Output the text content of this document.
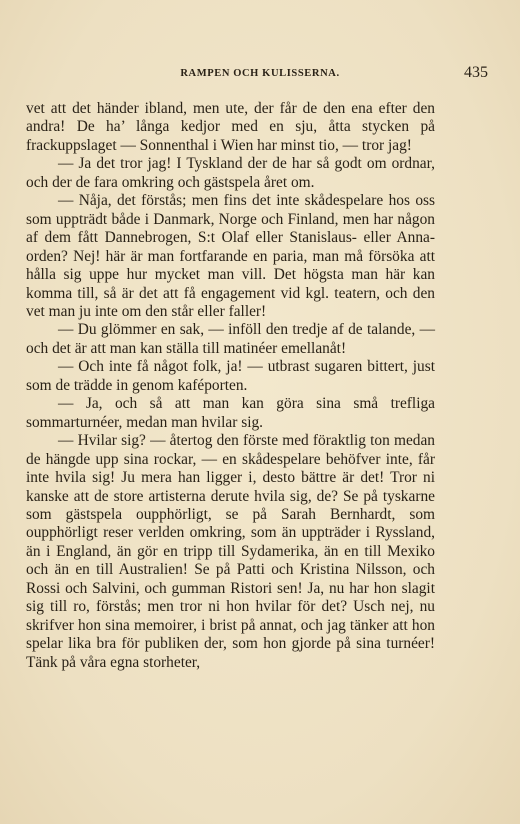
RAMPEN OCH KULISSERNA.	435

vet att det händer ibland, men ute, der får de den ena efter den andra! De ha’ långa kedjor med en sju, åtta stycken på frackuppslaget — Sonnenthal i Wien har minst tio, — tror jag!

— Ja det tror jag! I Tyskland der de har så godt om ordnar, och der de fara omkring och gästspela året om.

— Nåja, det förstås; men fins det inte skådespelare hos oss som uppträdt både i Danmark, Norge och Finland, men har någon af dem fått Dannebrogen, S:t Olaf eller Stanislaus- eller Anna-orden? Nej! här är man fortfarande en paria, man må försöka att hålla sig uppe hur mycket man vill. Det högsta man här kan komma till, så är det att få engagement vid kgl. teatern, och den vet man ju inte om den står eller faller!

— Du glömmer en sak, — inföll den tredje af de talande, — och det är att man kan ställa till matinéer emellanåt!

— Och inte få något folk, ja! — utbrast sugaren bittert, just som de trädde in genom kaféporten.

— Ja, och så att man kan göra sina små trefliga sommarturnéer, medan man hvilar sig.

— Hvilar sig? — återtog den förste med föraktlig ton medan de hängde upp sina rockar, — en skådespelare behöfver inte, får inte hvila sig! Ju mera han ligger i, desto bättre är det! Tror ni kanske att de store artisterna derute hvila sig, de? Se på tyskarne som gästspela oupphörligt, se på Sarah Bernhardt, som oupphörligt reser verlden omkring, som än uppträder i Ryssland, än i England, än gör en tripp till Sydamerika, än en till Mexiko och än en till Australien! Se på Patti och Kristina Nilsson, och Rossi och Salvini, och gumman Ristori sen! Ja, nu har hon slagit sig till ro, förstås; men tror ni hon hvilar för det? Usch nej, nu skrifver hon sina memoirer, i brist på annat, och jag tänker att hon spelar lika bra för publiken der, som hon gjorde på sina turnéer! Tänk på våra egna storheter,
